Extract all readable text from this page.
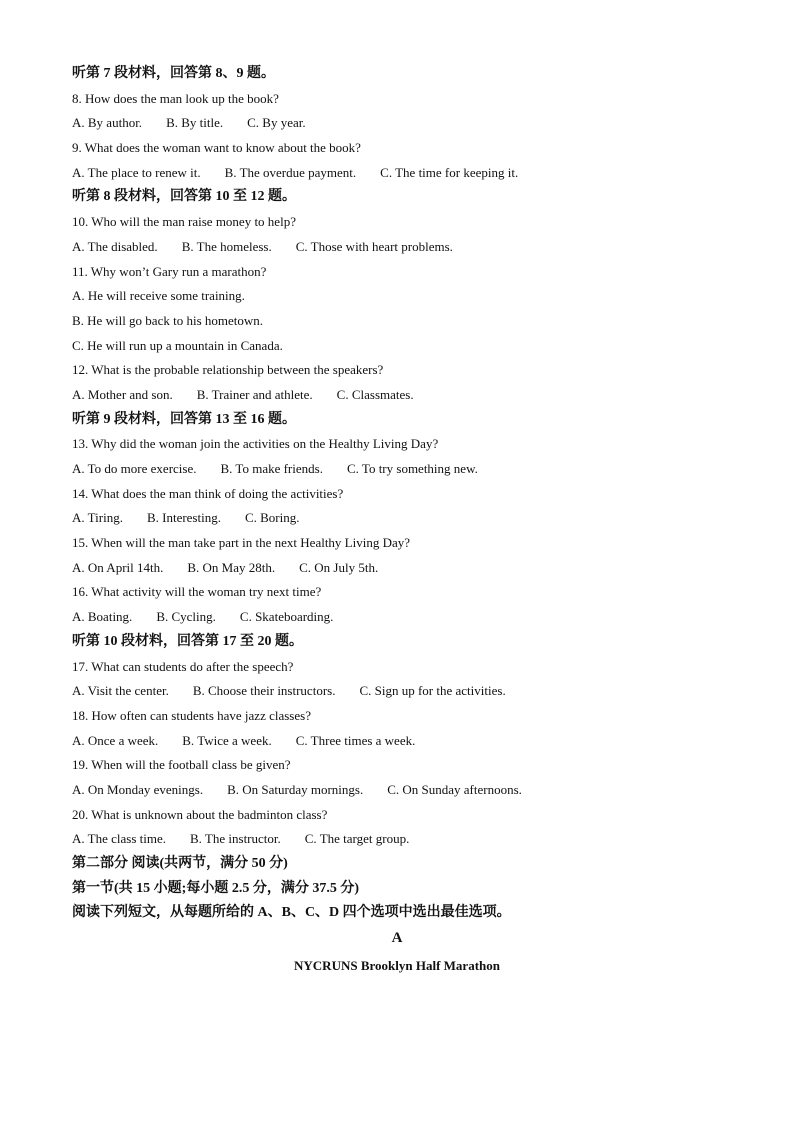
听第 7 段材料，回答第 8、9 题。
8. How does the man look up the book?
A. By author. B. By title. C. By year.
9. What does the woman want to know about the book?
A. The place to renew it. B. The overdue payment. C. The time for keeping it.
听第 8 段材料，回答第 10 至 12 题。
10. Who will the man raise money to help?
A. The disabled. B. The homeless. C. Those with heart problems.
11. Why won’t Gary run a marathon?
A. He will receive some training.
B. He will go back to his hometown.
C. He will run up a mountain in Canada.
12. What is the probable relationship between the speakers?
A. Mother and son. B. Trainer and athlete. C. Classmates.
听第 9 段材料，回答第 13 至 16 题。
13. Why did the woman join the activities on the Healthy Living Day?
A. To do more exercise. B. To make friends. C. To try something new.
14. What does the man think of doing the activities?
A. Tiring. B. Interesting. C. Boring.
15. When will the man take part in the next Healthy Living Day?
A. On April 14th. B. On May 28th. C. On July 5th.
16. What activity will the woman try next time?
A. Boating. B. Cycling. C. Skateboarding.
听第 10 段材料，回答第 17 至 20 题。
17. What can students do after the speech?
A. Visit the center. B. Choose their instructors. C. Sign up for the activities.
18. How often can students have jazz classes?
A. Once a week. B. Twice a week. C. Three times a week.
19. When will the football class be given?
A. On Monday evenings. B. On Saturday mornings. C. On Sunday afternoons.
20. What is unknown about the badminton class?
A. The class time. B. The instructor. C. The target group.
第二部分 阅读(共两节，满分 50 分)
第一节(共 15 小题;每小题 2.5 分，满分 37.5 分)
阅读下列短文，从每题所给的 A、B、C、D 四个选项中选出最佳选项。
A
NYCRUNS Brooklyn Half Marathon
